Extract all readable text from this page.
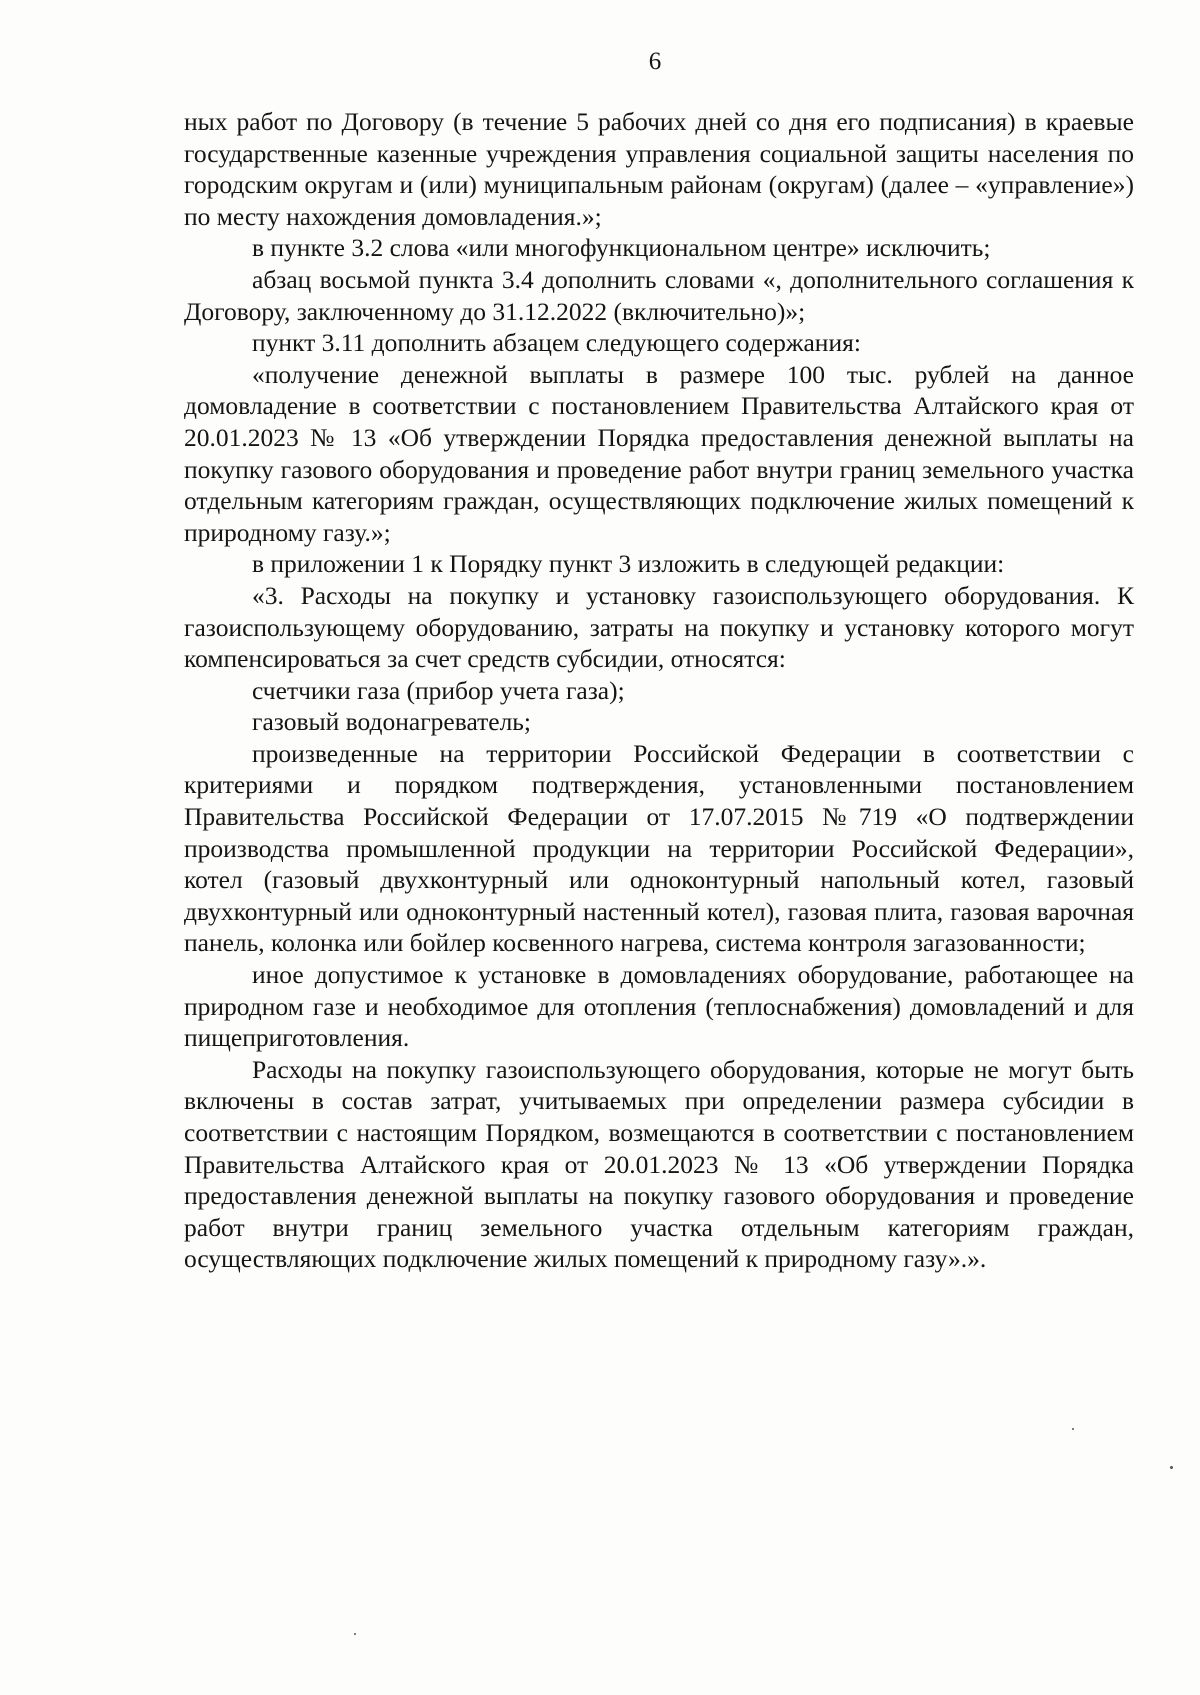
6

ных работ по Договору (в течение 5 рабочих дней со дня его подписания) в краевые государственные казенные учреждения управления социальной защиты населения по городским округам и (или) муниципальным районам (округам) (далее – «управление») по месту нахождения домовладения.»;

в пункте 3.2 слова «или многофункциональном центре» исключить;

абзац восьмой пункта 3.4 дополнить словами «, дополнительного соглашения к Договору, заключенному до 31.12.2022 (включительно)»;

пункт 3.11 дополнить абзацем следующего содержания:

«получение денежной выплаты в размере 100 тыс. рублей на данное домовладение в соответствии с постановлением Правительства Алтайского края от 20.01.2023 № 13 «Об утверждении Порядка предоставления денежной выплаты на покупку газового оборудования и проведение работ внутри границ земельного участка отдельным категориям граждан, осуществляющих подключение жилых помещений к природному газу.»;

в приложении 1 к Порядку пункт 3 изложить в следующей редакции:

«3. Расходы на покупку и установку газоиспользующего оборудования. К газоиспользующему оборудованию, затраты на покупку и установку которого могут компенсироваться за счет средств субсидии, относятся:

счетчики газа (прибор учета газа);

газовый водонагреватель;

произведенные на территории Российской Федерации в соответствии с критериями и порядком подтверждения, установленными постановлением Правительства Российской Федерации от 17.07.2015 №719 «О подтверждении производства промышленной продукции на территории Российской Федерации», котел (газовый двухконтурный или одноконтурный напольный котел, газовый двухконтурный или одноконтурный настенный котел), газовая плита, газовая варочная панель, колонка или бойлер косвенного нагрева, система контроля загазованности;

иное допустимое к установке в домовладениях оборудование, работающее на природном газе и необходимое для отопления (теплоснабжения) домовладений и для пищеприготовления.

Расходы на покупку газоиспользующего оборудования, которые не могут быть включены в состав затрат, учитываемых при определении размера субсидии в соответствии с настоящим Порядком, возмещаются в соответствии с постановлением Правительства Алтайского края от 20.01.2023 № 13 «Об утверждении Порядка предоставления денежной выплаты на покупку газового оборудования и проведение работ внутри границ земельного участка отдельным категориям граждан, осуществляющих подключение жилых помещений к природному газу».».
